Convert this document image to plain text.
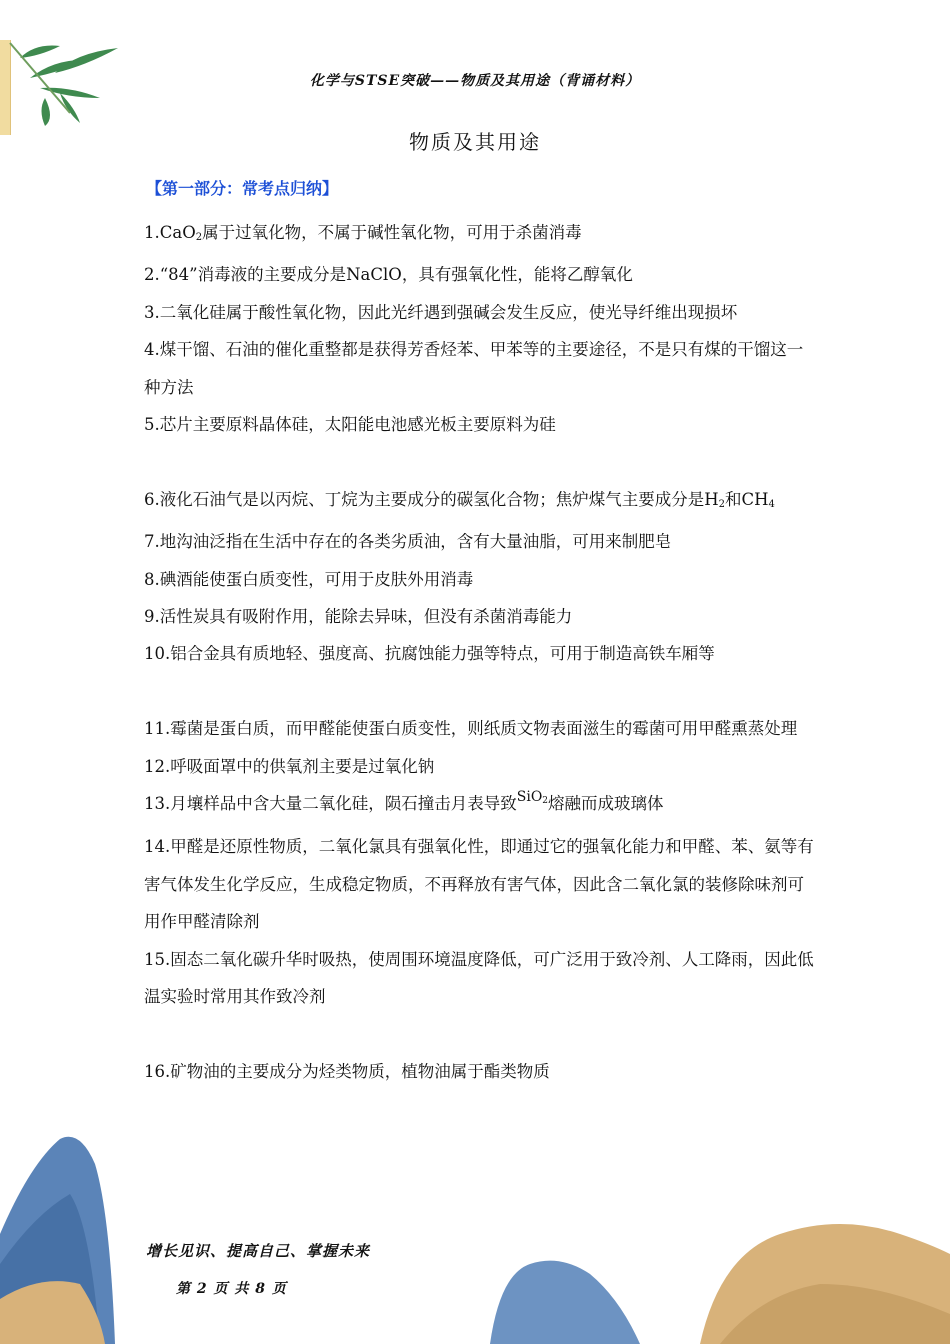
化学与STSE突破——物质及其用途（背诵材料）
物质及其用途
【第一部分：常考点归纳】

1.CaO$_2$属于过氧化物，不属于碱性氧化物，可用于杀菌消毒

2.“84”消毒液的主要成分是NaClO，具有强氧化性，能将乙醇氧化

3.二氧化硅属于酸性氧化物，因此光纤遇到强碱会发生反应，使光导纤维出现损坏

4.煤干馏、石油的催化重整都是获得芳香烃苯、甲苯等的主要途径，不是只有煤的干馏这一种方法

5.芯片主要原料晶体硅，太阳能电池感光板主要原料为硅

6.液化石油气是以丙烷、丁烷为主要成分的碳氢化合物；焦炉煤气主要成分是$H_2$和$CH_4$

7.地沟油泛指在生活中存在的各类劣质油，含有大量油脂，可用来制肥皂

8.碘酒能使蛋白质变性，可用于皮肤外用消毒

9.活性炭具有吸附作用，能除去异味，但没有杀菌消毒能力

10.铝合金具有质地轻、强度高、抗腐蚀能力强等特点，可用于制造高铁车厢等

11.霉菌是蛋白质，而甲醛能使蛋白质变性，则纸质文物表面滋生的霉菌可用甲醛熏蒸处理

12.呼吸面罩中的供氧剂主要是过氧化钠

13.月壤样品中含大量二氧化硅，陨石撞击月表导致$^{SiO_2}$熔融而成玻璃体

14.甲醛是还原性物质，二氧化氯具有强氧化性，即通过它的强氧化能力和甲醛、苯、氨等有害气体发生化学反应，生成稳定物质，不再释放有害气体，因此含二氧化氯的装修除味剂可用作甲醛清除剂

15.固态二氧化碳升华时吸热，使周围环境温度降低，可广泛用于致冷剂、人工降雨，因此低温实验时常用其作致冷剂

16.矿物油的主要成分为烃类物质，植物油属于酯类物质

增长见识、提高自己、掌握未来
第 2 页 共 8 页
